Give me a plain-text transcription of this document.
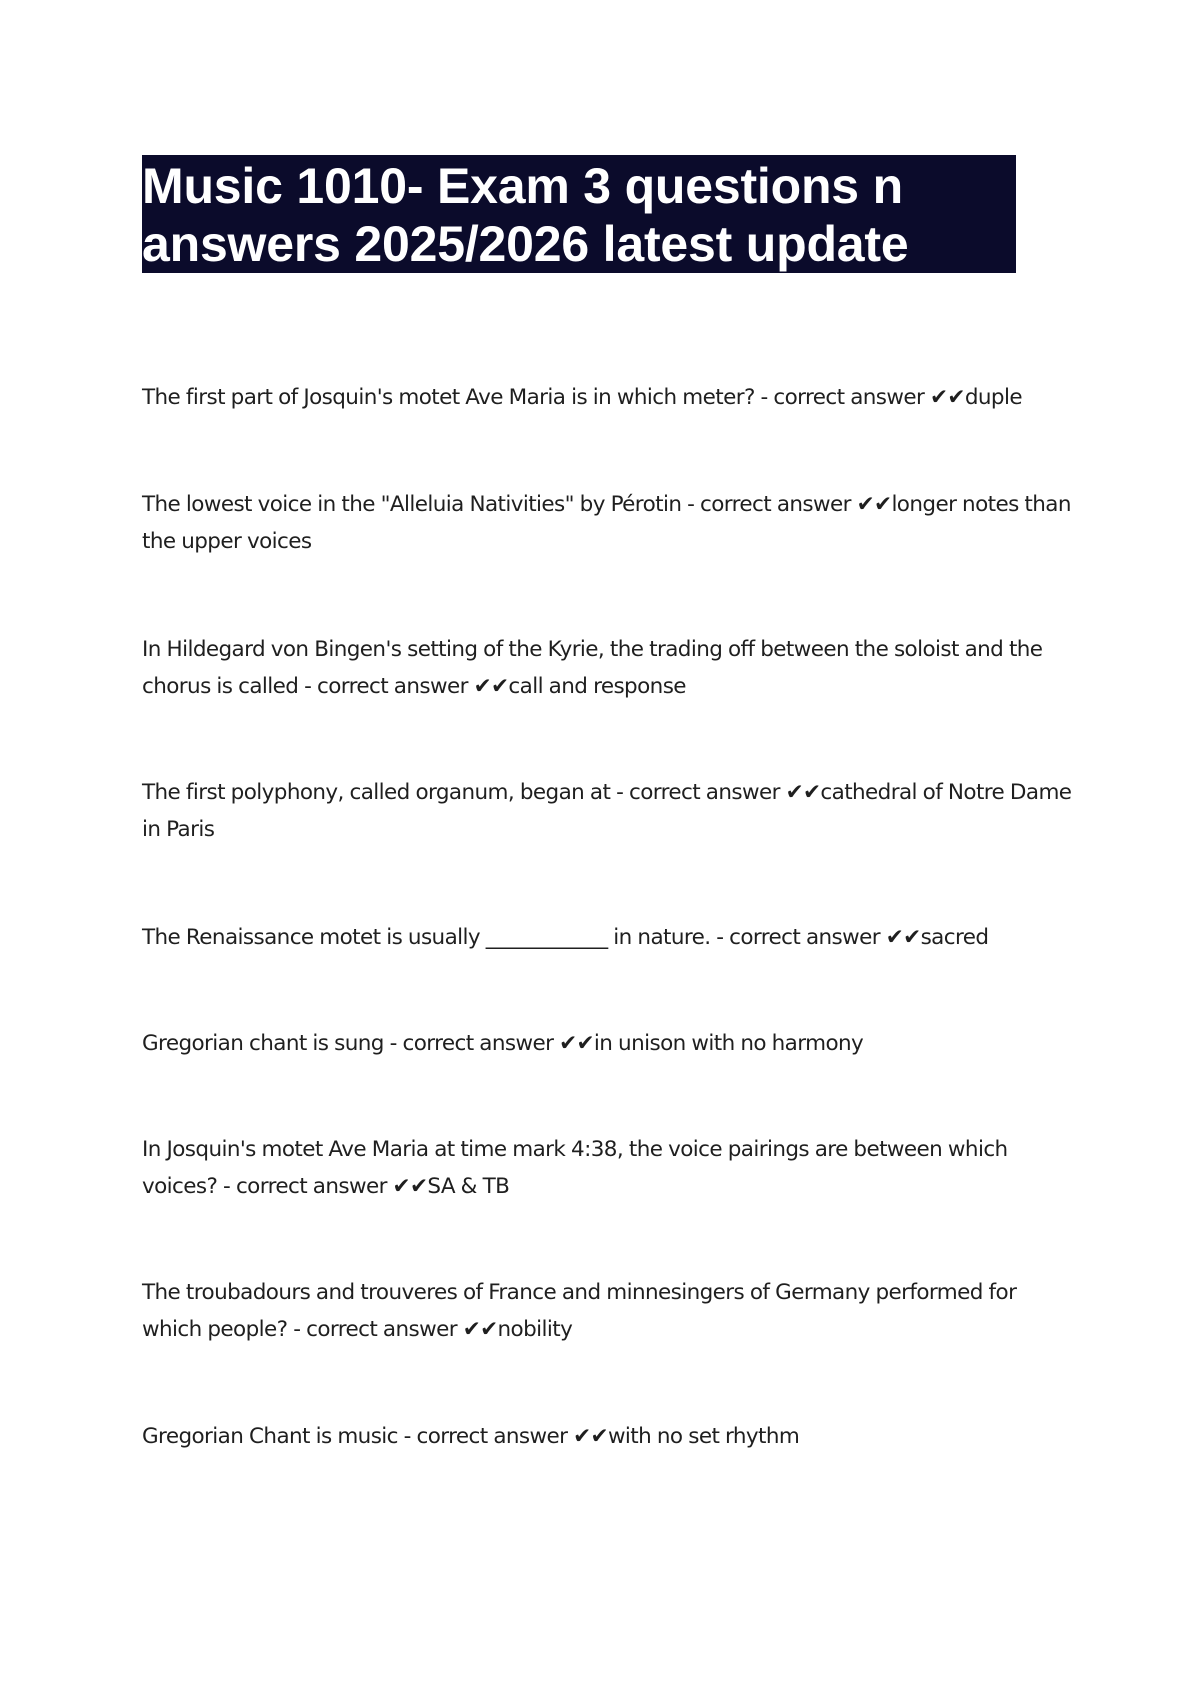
Music 1010- Exam 3 questions n
answers 2025/2026 latest update
The first part of Josquin's motet Ave Maria is in which meter? - correct answer ✔✔duple
The lowest voice in the "Alleluia Nativities" by Pérotin - correct answer ✔✔longer notes than the upper voices
In Hildegard von Bingen's setting of the Kyrie, the trading off between the soloist and the chorus is called - correct answer ✔✔call and response
The first polyphony, called organum, began at - correct answer ✔✔cathedral of Notre Dame in Paris
The Renaissance motet is usually ____________ in nature. - correct answer ✔✔sacred
Gregorian chant is sung - correct answer ✔✔in unison with no harmony
In Josquin's motet Ave Maria at time mark 4:38, the voice pairings are between which voices? - correct answer ✔✔SA & TB
The troubadours and trouveres of France and minnesingers of Germany performed for which people? - correct answer ✔✔nobility
Gregorian Chant is music - correct answer ✔✔with no set rhythm
